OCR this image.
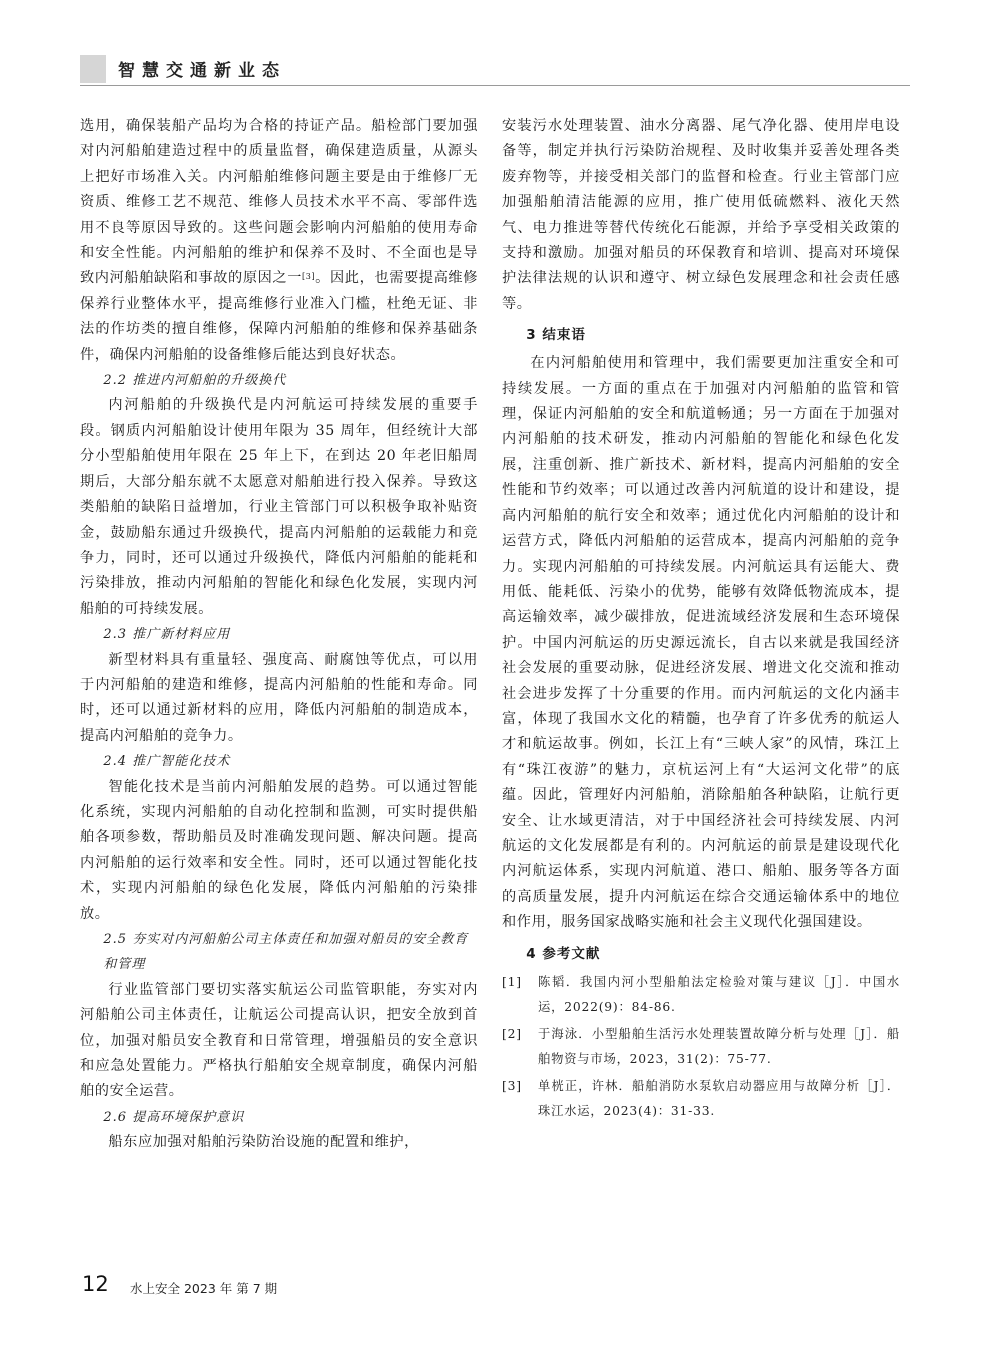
智慧交通新业态

选用，确保装船产品均为合格的持证产品。船检部门要加强对内河船舶建造过程中的质量监督，确保建造质量，从源头上把好市场准入关。内河船舶维修问题主要是由于维修厂无资质、维修工艺不规范、维修人员技术水平不高、零部件选用不良等原因导致的。这些问题会影响内河船舶的使用寿命和安全性能。内河船舶的维护和保养不及时、不全面也是导致内河船舶缺陷和事故的原因之一[3]。因此，也需要提高维修保养行业整体水平，提高维修行业准入门槛，杜绝无证、非法的作坊类的擅自维修，保障内河船舶的维修和保养基础条件，确保内河船舶的设备维修后能达到良好状态。

2.2 推进内河船舶的升级换代

内河船舶的升级换代是内河航运可持续发展的重要手段。钢质内河船舶设计使用年限为 35 周年，但经统计大部分小型船舶使用年限在 25 年上下，在到达 20 年老旧船周期后，大部分船东就不太愿意对船舶进行投入保养。导致这类船舶的缺陷日益增加，行业主管部门可以积极争取补贴资金，鼓励船东通过升级换代，提高内河船舶的运载能力和竞争力，同时，还可以通过升级换代，降低内河船舶的能耗和污染排放，推动内河船舶的智能化和绿色化发展，实现内河船舶的可持续发展。

2.3 推广新材料应用

新型材料具有重量轻、强度高、耐腐蚀等优点，可以用于内河船舶的建造和维修，提高内河船舶的性能和寿命。同时，还可以通过新材料的应用，降低内河船舶的制造成本，提高内河船舶的竞争力。

2.4 推广智能化技术

智能化技术是当前内河船舶发展的趋势。可以通过智能化系统，实现内河船舶的自动化控制和监测，可实时提供船舶各项参数，帮助船员及时准确发现问题、解决问题。提高内河船舶的运行效率和安全性。同时，还可以通过智能化技术，实现内河船舶的绿色化发展，降低内河船舶的污染排放。

2.5 夯实对内河船舶公司主体责任和加强对船员的安全教育和管理

行业监管部门要切实落实航运公司监管职能，夯实对内河船舶公司主体责任，让航运公司提高认识，把安全放到首位，加强对船员安全教育和日常管理，增强船员的安全意识和应急处置能力。严格执行船舶安全规章制度，确保内河船舶的安全运营。

2.6 提高环境保护意识

船东应加强对船舶污染防治设施的配置和维护，

安装污水处理装置、油水分离器、尾气净化器、使用岸电设备等，制定并执行污染防治规程、及时收集并妥善处理各类废弃物等，并接受相关部门的监督和检查。行业主管部门应加强船舶清洁能源的应用，推广使用低硫燃料、液化天然气、电力推进等替代传统化石能源，并给予享受相关政策的支持和激励。加强对船员的环保教育和培训、提高对环境保护法律法规的认识和遵守、树立绿色发展理念和社会责任感等。

3 结束语

在内河船舶使用和管理中，我们需要更加注重安全和可持续发展。一方面的重点在于加强对内河船舶的监管和管理，保证内河船舶的安全和航道畅通；另一方面在于加强对内河船舶的技术研发，推动内河船舶的智能化和绿色化发展，注重创新、推广新技术、新材料，提高内河船舶的安全性能和节约效率；可以通过改善内河航道的设计和建设，提高内河船舶的航行安全和效率；通过优化内河船舶的设计和运营方式，降低内河船舶的运营成本，提高内河船舶的竞争力。实现内河船舶的可持续发展。内河航运具有运能大、费用低、能耗低、污染小的优势，能够有效降低物流成本，提高运输效率，减少碳排放，促进流域经济发展和生态环境保护。中国内河航运的历史源远流长，自古以来就是我国经济社会发展的重要动脉，促进经济发展、增进文化交流和推动社会进步发挥了十分重要的作用。而内河航运的文化内涵丰富，体现了我国水文化的精髓，也孕育了许多优秀的航运人才和航运故事。例如，长江上有“三峡人家”的风情，珠江上有“珠江夜游”的魅力，京杭运河上有“大运河文化带”的底蕴。因此，管理好内河船舶，消除船舶各种缺陷，让航行更安全、让水域更清洁，对于中国经济社会可持续发展、内河航运的文化发展都是有利的。内河航运的前景是建设现代化内河航运体系，实现内河航道、港口、船舶、服务等各方面的高质量发展，提升内河航运在综合交通运输体系中的地位和作用，服务国家战略实施和社会主义现代化强国建设。

4 参考文献
[1]	陈韬．我国内河小型船舶法定检验对策与建议［J］．中国水运，2022(9)：84-86.
[2]	于海泳．小型船舶生活污水处理装置故障分析与处理［J］．船舶物资与市场，2023，31(2)：75-77.
[3]	单桄正，许林．船舶消防水泵软启动器应用与故障分析［J］．珠江水运，2023(4)：31-33.
12 水上安全 2023 年 第 7 期
